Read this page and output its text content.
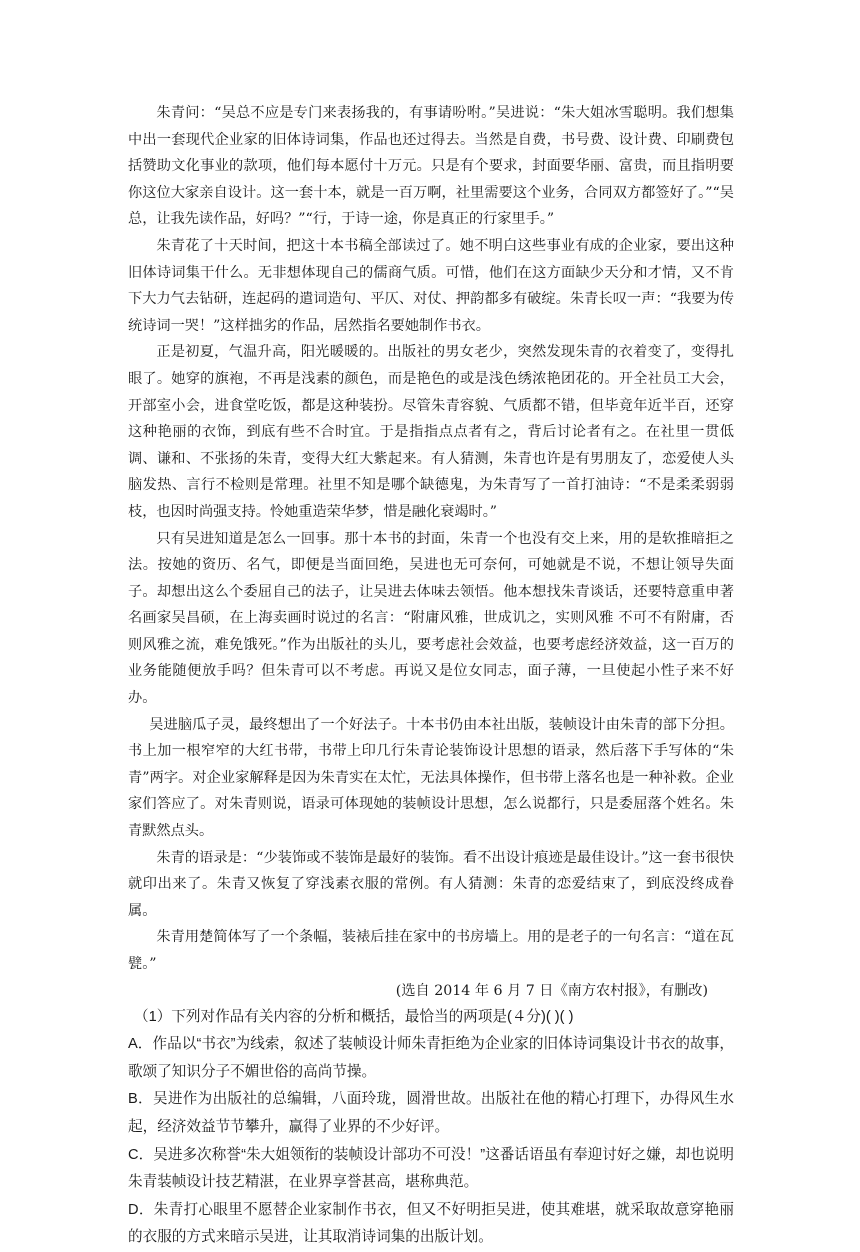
朱青问：“吴总不应是专门来表扬我的，有事请吩咐。”吴进说：“朱大姐冰雪聪明。我们想集中出一套现代企业家的旧体诗词集，作品也还过得去。当然是自费，书号费、设计费、印刷费包括赞助文化事业的款项，他们每本愿付十万元。只是有个要求，封面要华丽、富贵，而且指明要你这位大家亲自设计。这一套十本，就是一百万啊，社里需要这个业务，合同双方都签好了。”“吴总，让我先读作品，好吗？”“行，于诗一途，你是真正的行家里手。”

朱青花了十天时间，把这十本书稿全部读过了。她不明白这些事业有成的企业家，要出这种旧体诗词集干什么。无非想体现自己的儒商气质。可惜，他们在这方面缺少天分和才情，又不肯下大力气去钻研，连起码的遣词造句、平仄、对仗、押韵都多有破绽。朱青长叹一声：“我要为传统诗词一哭！”这样拙劣的作品，居然指名要她制作书衣。

正是初夏，气温升高，阳光暖暖的。出版社的男女老少，突然发现朱青的衣着变了，变得扎眼了。她穿的旗袍，不再是浅素的颜色，而是艳色的或是浅色绣浓艳团花的。开全社员工大会，开部室小会，进食堂吃饭，都是这种装扮。尽管朱青容貌、气质都不错，但毕竟年近半百，还穿这种艳丽的衣饰，到底有些不合时宜。于是指指点点者有之，背后讨论者有之。在社里一贯低调、谦和、不张扬的朱青，变得大红大紫起来。有人猜测，朱青也许是有男朋友了，恋爱使人头脑发热、言行不检则是常理。社里不知是哪个缺德鬼，为朱青写了一首打油诗：“不是柔柔弱弱枝，也因时尚强支持。怜她重造荣华梦，惜是融化衰竭时。”

只有吴进知道是怎么一回事。那十本书的封面，朱青一个也没有交上来，用的是软推暗拒之法。按她的资历、名气，即便是当面回绝，吴进也无可奈何，可她就是不说，不想让领导失面子。却想出这么个委屈自己的法子，让吴进去体味去领悟。他本想找朱青谈话，还要特意重申著名画家吴昌硕，在上海卖画时说过的名言：“附庸风雅，世成讥之，实则风雅 不可不有附庸，否则风雅之流，难免饿死。”作为出版社的头儿，要考虑社会效益，也要考虑经济效益，这一百万的业务能随便放手吗？但朱青可以不考虑。再说又是位女同志，面子薄，一旦使起小性子来不好办。

吴进脑瓜子灵，最终想出了一个好法子。十本书仍由本社出版，装帧设计由朱青的部下分担。书上加一根窄窄的大红书带，书带上印几行朱青论装饰设计思想的语录，然后落下手写体的“朱青”两字。对企业家解释是因为朱青实在太忙，无法具体操作，但书带上落名也是一种补救。企业家们答应了。对朱青则说，语录可体现她的装帧设计思想，怎么说都行，只是委屈落个姓名。朱青默然点头。

朱青的语录是：“少装饰或不装饰是最好的装饰。看不出设计痕迹是最佳设计。”这一套书很快就印出来了。朱青又恢复了穿浅素衣服的常例。有人猜测：朱青的恋爱结束了，到底没终成眷属。

朱青用楚简体写了一个条幅，装裱后挂在家中的书房墙上。用的是老子的一句名言：“道在瓦甓。”

(选自 2014 年 6 月 7 日《南方农村报》，有删改)

（1）下列对作品有关内容的分析和概括，最恰当的两项是(４分)( )( )

A．作品以“书衣”为线索，叙述了装帧设计师朱青拒绝为企业家的旧体诗词集设计书衣的故事，歌颂了知识分子不媚世俗的高尚节操。

B．吴进作为出版社的总编辑，八面玲珑，圆滑世故。出版社在他的精心打理下，办得风生水起，经济效益节节攀升，赢得了业界的不少好评。

C．吴进多次称誉“朱大姐领衔的装帧设计部功不可没！”这番话语虽有奉迎讨好之嫌，却也说明朱青装帧设计技艺精湛，在业界享誉甚高，堪称典范。

D．朱青打心眼里不愿替企业家制作书衣，但又不好明拒吴进，使其难堪，就采取故意穿艳丽的衣服的方式来暗示吴进，让其取消诗词集的出版计划。
